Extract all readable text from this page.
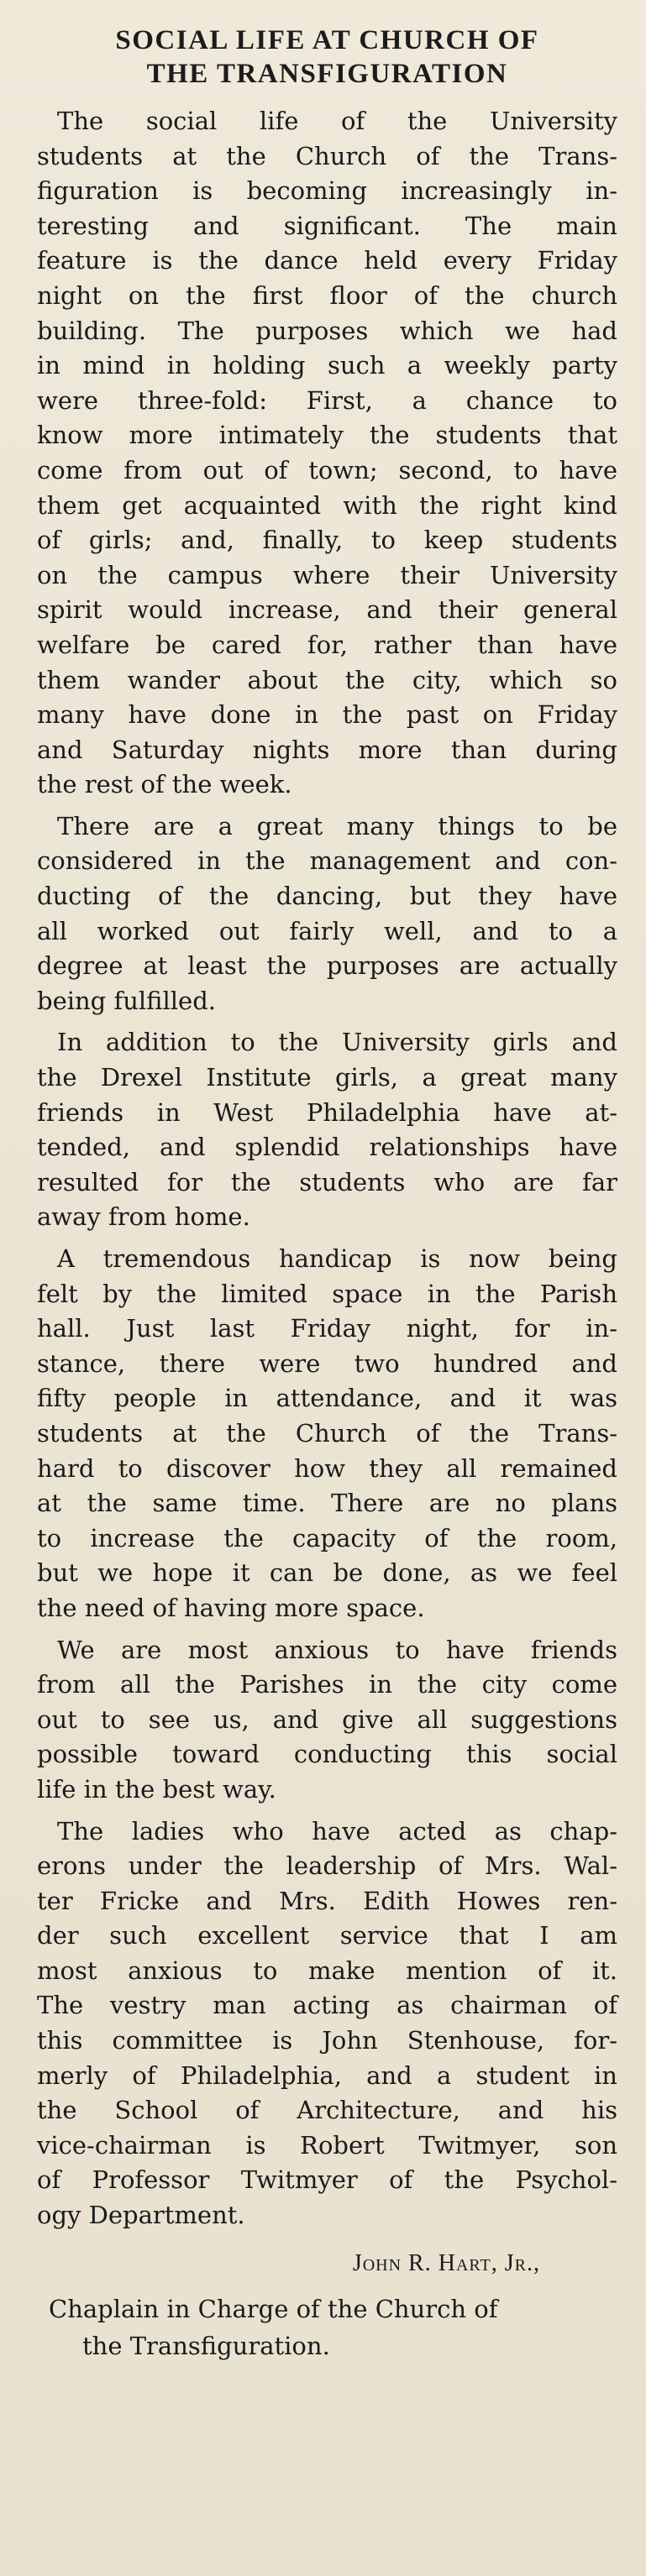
SOCIAL LIFE AT CHURCH OF
THE TRANSFIGURATION
The social life of the University
students at the Church of the Trans-
figuration is becoming increasingly in-
teresting and significant. The main
feature is the dance held every Friday
night on the first floor of the church
building. The purposes which we had
in mind in holding such a weekly party
were three-fold: First, a chance to
know more intimately the students that
come from out of town; second, to have
them get acquainted with the right kind
of girls; and, finally, to keep students
on the campus where their University
spirit would increase, and their general
welfare be cared for, rather than have
them wander about the city, which so
many have done in the past on Friday
and Saturday nights more than during
the rest of the week.
There are a great many things to be
considered in the management and con-
ducting of the dancing, but they have
all worked out fairly well, and to a
degree at least the purposes are actually
being fulfilled.
In addition to the University girls and
the Drexel Institute girls, a great many
friends in West Philadelphia have at-
tended, and splendid relationships have
resulted for the students who are far
away from home.
A tremendous handicap is now being
felt by the limited space in the Parish
hall. Just last Friday night, for in-
stance, there were two hundred and
fifty people in attendance, and it was
students at the Church of the Trans-
hard to discover how they all remained
at the same time. There are no plans
to increase the capacity of the room,
but we hope it can be done, as we feel
the need of having more space.
We are most anxious to have friends
from all the Parishes in the city come
out to see us, and give all suggestions
possible toward conducting this social
life in the best way.
The ladies who have acted as chap-
erons under the leadership of Mrs. Wal-
ter Fricke and Mrs. Edith Howes ren-
der such excellent service that I am
most anxious to make mention of it.
The vestry man acting as chairman of
this committee is John Stenhouse, for-
merly of Philadelphia, and a student in
the School of Architecture, and his
vice-chairman is Robert Twitmyer, son
of Professor Twitmyer of the Psychol-
ogy Department.
John R. Hart, Jr.,
Chaplain in Charge of the Church of
the Transfiguration.
